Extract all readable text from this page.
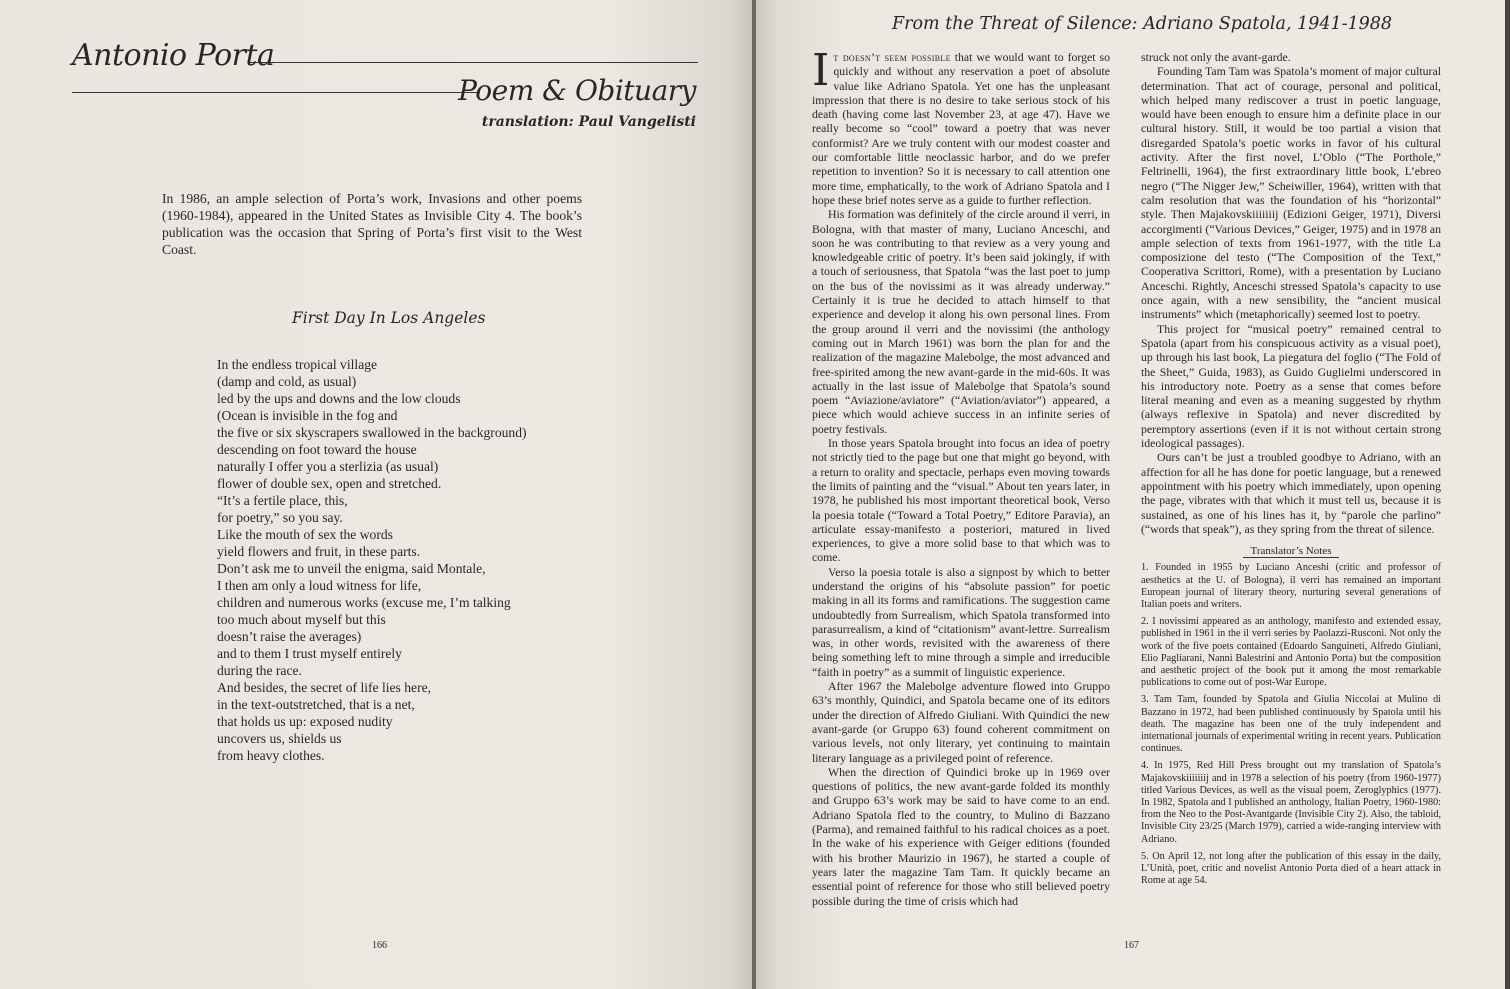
Antonio Porta
Poem & Obituary

translation: Paul Vangelisti

In 1986, an ample selection of Porta’s work, Invasions and other poems (1960-1984), appeared in the United States as Invisible City 4. The book’s publication was the occasion that Spring of Porta’s first visit to the West Coast.

First Day In Los Angeles
In the endless tropical village
(damp and cold, as usual)
led by the ups and downs and the low clouds
(Ocean is invisible in the fog and
the five or six skyscrapers swallowed in the background)
descending on foot toward the house
naturally I offer you a sterlizia (as usual)
flower of double sex, open and stretched.
“It’s a fertile place, this,
for poetry,” so you say.
Like the mouth of sex the words
yield flowers and fruit, in these parts.
Don’t ask me to unveil the enigma, said Montale,
I then am only a loud witness for life,
children and numerous works (excuse me, I’m talking
too much about myself but this
doesn’t raise the averages)
and to them I trust myself entirely
during the race.
And besides, the secret of life lies here,
in the text-outstretched, that is a net,
that holds us up: exposed nudity
uncovers us, shields us
from heavy clothes.
166
From the Threat of Silence: Adriano Spatola, 1941-1988

It doesn’t seem possible that we would want to forget so quickly and without any reservation a poet of absolute value like Adriano Spatola. Yet one has the unpleasant impression that there is no desire to take serious stock of his death (having come last November 23, at age 47). Have we really become so “cool” toward a poetry that was never conformist? Are we truly content with our modest coaster and our comfortable little neoclassic harbor, and do we prefer repetition to invention? So it is necessary to call attention one more time, emphatically, to the work of Adriano Spatola and I hope these brief notes serve as a guide to further reflection.

His formation was definitely of the circle around il verri, in Bologna, with that master of many, Luciano Anceschi, and soon he was contributing to that review as a very young and knowledgeable critic of poetry. It’s been said jokingly, if with a touch of seriousness, that Spatola “was the last poet to jump on the bus of the novissimi as it was already underway.” Certainly it is true he decided to attach himself to that experience and develop it along his own personal lines. From the group around il verri and the novissimi (the anthology coming out in March 1961) was born the plan for and the realization of the magazine Malebolge, the most advanced and free-spirited among the new avant-garde in the mid-60s. It was actually in the last issue of Malebolge that Spatola’s sound poem “Aviazione/aviatore” (“Aviation/aviator”) appeared, a piece which would achieve success in an infinite series of poetry festivals.

In those years Spatola brought into focus an idea of poetry not strictly tied to the page but one that might go beyond, with a return to orality and spectacle, perhaps even moving towards the limits of painting and the “visual.” About ten years later, in 1978, he published his most important theoretical book, Verso la poesia totale (“Toward a Total Poetry,” Editore Paravia), an articulate essay-manifesto a posteriori, matured in lived experiences, to give a more solid base to that which was to come.

Verso la poesia totale is also a signpost by which to better understand the origins of his “absolute passion” for poetic making in all its forms and ramifications. The suggestion came undoubtedly from Surrealism, which Spatola transformed into parasurrealism, a kind of “citationism” avant-lettre. Surrealism was, in other words, revisited with the awareness of there being something left to mine through a simple and irreducible “faith in poetry” as a summit of linguistic experience.

After 1967 the Malebolge adventure flowed into Gruppo 63’s monthly, Quindici, and Spatola became one of its editors under the direction of Alfredo Giuliani. With Quindici the new avant-garde (or Gruppo 63) found coherent commitment on various levels, not only literary, yet continuing to maintain literary language as a privileged point of reference.

When the direction of Quindici broke up in 1969 over questions of politics, the new avant-garde folded its monthly and Gruppo 63’s work may be said to have come to an end. Adriano Spatola fled to the country, to Mulino di Bazzano (Parma), and remained faithful to his radical choices as a poet. In the wake of his experience with Geiger editions (founded with his brother Maurizio in 1967), he started a couple of years later the magazine Tam Tam. It quickly became an essential point of reference for those who still believed poetry possible during the time of crisis which had

struck not only the avant-garde.

Founding Tam Tam was Spatola’s moment of major cultural determination. That act of courage, personal and political, which helped many rediscover a trust in poetic language, would have been enough to ensure him a definite place in our cultural history. Still, it would be too partial a vision that disregarded Spatola’s poetic works in favor of his cultural activity. After the first novel, L’Oblo (“The Porthole,” Feltrinelli, 1964), the first extraordinary little book, L’ebreo negro (“The Nigger Jew,” Scheiwiller, 1964), written with that calm resolution that was the foundation of his “horizontal” style. Then Majakovskiiiiiiij (Edizioni Geiger, 1971), Diversi accorgimenti (“Various Devices,” Geiger, 1975) and in 1978 an ample selection of texts from 1961-1977, with the title La composizione del testo (“The Composition of the Text,” Cooperativa Scrittori, Rome), with a presentation by Luciano Anceschi. Rightly, Anceschi stressed Spatola’s capacity to use once again, with a new sensibility, the “ancient musical instruments” which (metaphorically) seemed lost to poetry.

This project for “musical poetry” remained central to Spatola (apart from his conspicuous activity as a visual poet), up through his last book, La piegatura del foglio (“The Fold of the Sheet,” Guida, 1983), as Guido Guglielmi underscored in his introductory note. Poetry as a sense that comes before literal meaning and even as a meaning suggested by rhythm (always reflexive in Spatola) and never discredited by peremptory assertions (even if it is not without certain strong ideological passages).

Ours can’t be just a troubled goodbye to Adriano, with an affection for all he has done for poetic language, but a renewed appointment with his poetry which immediately, upon opening the page, vibrates with that which it must tell us, because it is sustained, as one of his lines has it, by “parole che parlino” (“words that speak”), as they spring from the threat of silence.

Translator’s Notes

1. Founded in 1955 by Luciano Anceshi (critic and professor of aesthetics at the U. of Bologna), il verri has remained an important European journal of literary theory, nurturing several generations of Italian poets and writers.

2. I novissimi appeared as an anthology, manifesto and extended essay, published in 1961 in the il verri series by Paolazzi-Rusconi. Not only the work of the five poets contained (Edoardo Sanguineti, Alfredo Giuliani, Elio Pagliarani, Nanni Balestrini and Antonio Porta) but the composition and aesthetic project of the book put it among the most remarkable publications to come out of post-War Europe.

3. Tam Tam, founded by Spatola and Giulia Niccolai at Mulino di Bazzano in 1972, had been published continuously by Spatola until his death. The magazine has been one of the truly independent and international journals of experimental writing in recent years. Publication continues.

4. In 1975, Red Hill Press brought out my translation of Spatola’s Majakovskiiiiiiij and in 1978 a selection of his poetry (from 1960-1977) titled Various Devices, as well as the visual poem, Zeroglyphics (1977). In 1982, Spatola and I published an anthology, Italian Poetry, 1960-1980: from the Neo to the Post-Avantgarde (Invisible City 2). Also, the tabloid, Invisible City 23/25 (March 1979), carried a wide-ranging interview with Adriano.

5. On April 12, not long after the publication of this essay in the daily, L’Unità, poet, critic and novelist Antonio Porta died of a heart attack in Rome at age 54.

167
